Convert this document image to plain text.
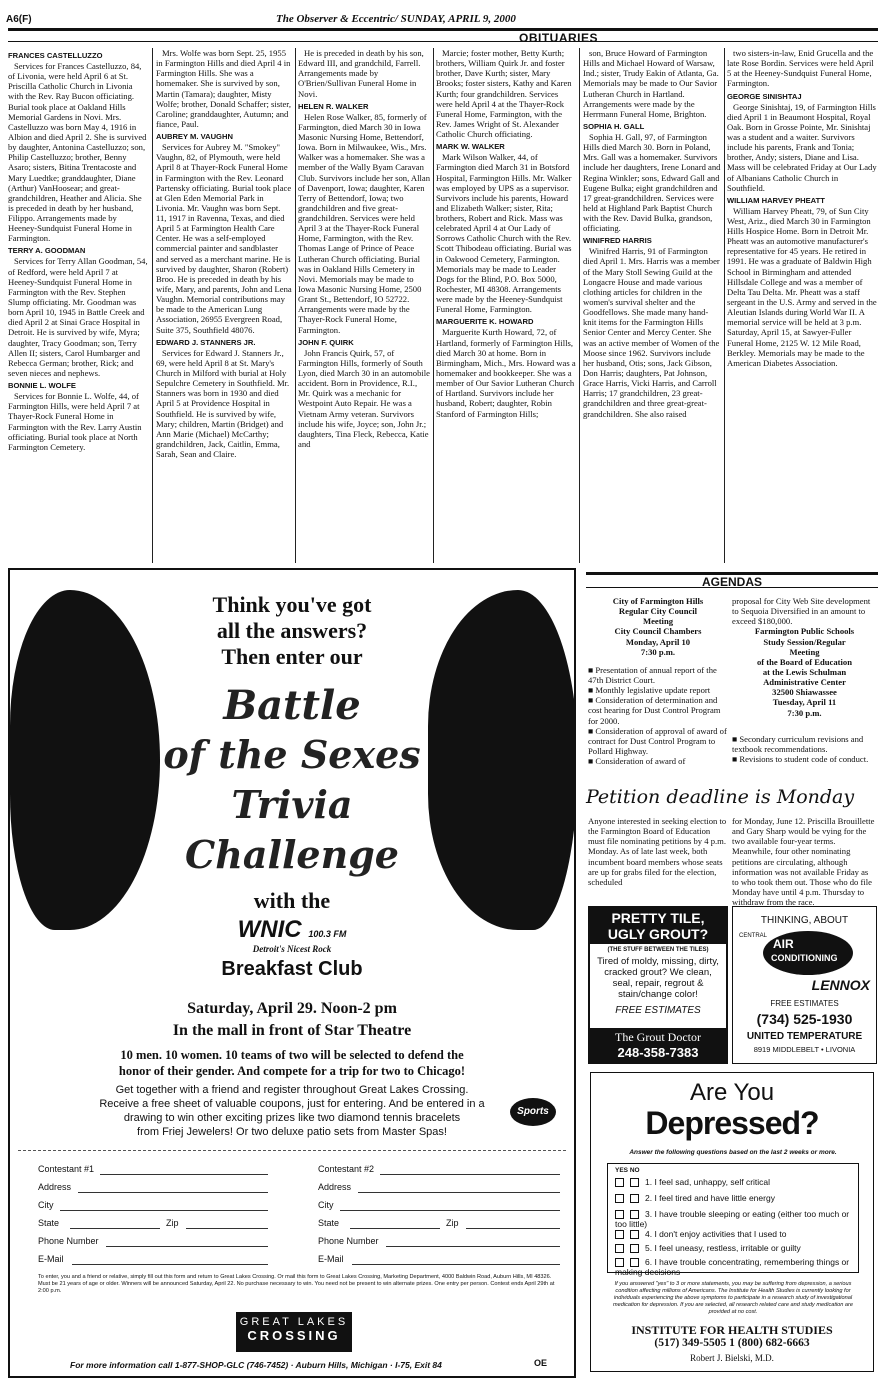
A6(F)	The Observer & Eccentric/ SUNDAY, APRIL 9, 2000
OBITUARIES
FRANCES CASTELLUZZO

Services for Frances Castelluzzo, 84, of Livonia, were held April 6 at St. Priscilla Catholic Church in Livonia with the Rev. Ray Bucon officiating. Burial took place at Oakland Hills Memorial Gardens in Novi. Mrs. Castelluzzo was born May 4, 1916 in Albion and died April 2. She is survived by daughter, Antonina Castelluzzo; son, Philip Castelluzzo; brother, Benny Asaro; sisters, Bitina Trentacoste and Mary Luedtke; granddaughter, Diane (Arthur) VanHoosear; and great-grandchildren, Heather and Alicia. She is preceded in death by her husband, Filippo. Arrangements made by Heeney-Sundquist Funeral Home in Farmington.

TERRY A. GOODMAN

Services for Terry Allan Goodman, 54, of Redford, were held April 7 at Heeney-Sundquist Funeral Home in Farmington with the Rev. Stephen Slump officiating. Mr. Goodman was born April 10, 1945 in Battle Creek and died April 2 at Sinai Grace Hospital in Detroit. He is survived by wife, Myra; daughter, Tracy Goodman; son, Terry Allen II; sisters, Carol Humbarger and Rebecca German; brother, Rick; and seven nieces and nephews.

BONNIE L. WOLFE

Services for Bonnie L. Wolfe, 44, of Farmington Hills, were held April 7 at Thayer-Rock Funeral Home in Farmington with the Rev. Larry Austin officiating. Burial took place at North Farmington Cemetery.

Mrs. Wolfe was born Sept. 25, 1955 in Farmington Hills and died April 4 in Farmington Hills. She was a homemaker. She is survived by son, Martin (Tamara); daughter, Misty Wolfe; brother, Donald Schaffer; sister, Caroline; granddaughter, Autumn; and fiance, Paul.

AUBREY M. VAUGHN

Services for Aubrey M. "Smokey" Vaughn, 82, of Plymouth, were held April 8 at Thayer-Rock Funeral Home in Farmington with the Rev. Leonard Partensky officiating. Burial took place at Glen Eden Memorial Park in Livonia. Mr. Vaughn was born Sept. 11, 1917 in Ravenna, Texas, and died April 5 at Farmington Health Care Center. He was a self-employed commercial painter and sandblaster and served as a merchant marine. He is survived by daughter, Sharon (Robert) Broo. He is preceded in death by his wife, Mary, and parents, John and Lena Vaughn. Memorial contributions may be made to the American Lung Association, 26955 Evergreen Road, Suite 375, Southfield 48076.

EDWARD J. STANNERS JR.

Services for Edward J. Stanners Jr., 69, were held April 8 at St. Mary's Church in Milford with burial at Holy Sepulchre Cemetery in Southfield. Mr. Stanners was born in 1930 and died April 5 at Providence Hospital in Southfield. He is survived by wife, Mary; children, Martin (Bridget) and Ann Marie (Michael) McCarthy; grandchildren, Jack, Caitlin, Emma, Sarah, Sean and Claire.

He is preceded in death by his son, Edward III, and grandchild, Farrell. Arrangements made by O'Brien/Sullivan Funeral Home in Novi.

HELEN R. WALKER

Helen Rose Walker, 85, formerly of Farmington, died March 30 in Iowa Masonic Nursing Home, Bettendorf, Iowa. Born in Milwaukee, Wis., Mrs. Walker was a homemaker. She was a member of the Wally Byam Caravan Club. Survivors include her son, Allan of Davenport, Iowa; daughter, Karen Terry of Bettendorf, Iowa; two grandchildren and five great-grandchildren. Services were held April 3 at the Thayer-Rock Funeral Home, Farmington, with the Rev. Thomas Lange of Prince of Peace Lutheran Church officiating. Burial was in Oakland Hills Cemetery in Novi. Memorials may be made to Iowa Masonic Nursing Home, 2500 Grant St., Bettendorf, IO 52722. Arrangements were made by the Thayer-Rock Funeral Home, Farmington.

JOHN F. QUIRK

John Francis Quirk, 57, of Farmington Hills, formerly of South Lyon, died March 30 in an automobile accident. Born in Providence, R.I., Mr. Quirk was a mechanic for Westpoint Auto Repair. He was a Vietnam Army veteran. Survivors include his wife, Joyce; son, John Jr.; daughters, Tina Fleck, Rebecca, Katie and

Marcie; foster mother, Betty Kurth; brothers, William Quirk Jr. and foster brother, Dave Kurth; sister, Mary Brooks; foster sisters, Kathy and Karen Kurth; four grandchildren. Services were held April 4 at the Thayer-Rock Funeral Home, Farmington, with the Rev. James Wright of St. Alexander Catholic Church officiating.

MARK W. WALKER

Mark Wilson Walker, 44, of Farmington died March 31 in Botsford Hospital, Farmington Hills. Mr. Walker was employed by UPS as a supervisor. Survivors include his parents, Howard and Elizabeth Walker; sister, Rita; brothers, Robert and Rick. Mass was celebrated April 4 at Our Lady of Sorrows Catholic Church with the Rev. Scott Thibodeau officiating. Burial was in Oakwood Cemetery, Farmington. Memorials may be made to Leader Dogs for the Blind, P.O. Box 5000, Rochester, MI 48308. Arrangements were made by the Heeney-Sundquist Funeral Home, Farmington.

MARGUERITE K. HOWARD

Marguerite Kurth Howard, 72, of Hartland, formerly of Farmington Hills, died March 30 at home. Born in Birmingham, Mich., Mrs. Howard was a homemaker and bookkeeper. She was a member of Our Savior Lutheran Church of Hartland. Survivors include her husband, Robert; daughter, Robin Stanford of Farmington Hills;

son, Bruce Howard of Farmington Hills and Michael Howard of Warsaw, Ind.; sister, Trudy Eakin of Atlanta, Ga. Memorials may be made to Our Savior Lutheran Church in Hartland. Arrangements were made by the Herrmann Funeral Home, Brighton.

SOPHIA H. GALL

Sophia H. Gall, 97, of Farmington Hills died March 30. Born in Poland, Mrs. Gall was a homemaker. Survivors include her daughters, Irene Lonard and Regina Winkler; sons, Edward Gall and Eugene Bulka; eight grandchildren and 17 great-grandchildren. Services were held at Highland Park Baptist Church with the Rev. David Bulka, grandson, officiating.

WINIFRED HARRIS

Winifred Harris, 91 of Farmington died April 1. Mrs. Harris was a member of the Mary Stoll Sewing Guild at the Longacre House and made various clothing articles for children in the women's survival shelter and the Goodfellows. She made many hand-knit items for the Farmington Hills Senior Center and Mercy Center. She was an active member of Women of the Moose since 1962. Survivors include her husband, Otis; sons, Jack Gibson, Don Harris; daughters, Pat Johnson, Grace Harris, Vicki Harris, and Carroll Harris; 17 grandchildren, 23 great-grandchildren and three great-great-grandchildren. She also raised

two sisters-in-law, Enid Grucella and the late Rose Bordin. Services were held April 5 at the Heeney-Sundquist Funeral Home, Farmington.

GEORGE SINISHTAJ

George Sinishtaj, 19, of Farmington Hills died April 1 in Beaumont Hospital, Royal Oak. Born in Grosse Pointe, Mr. Sinishtaj was a student and a waiter. Survivors include his parents, Frank and Tonia; brother, Andy; sisters, Diane and Lisa. Mass will be celebrated Friday at Our Lady of Albanians Catholic Church in Southfield.

WILLIAM HARVEY PHEATT

William Harvey Pheatt, 79, of Sun City West, Ariz., died March 30 in Farmington Hills Hospice Home. Born in Detroit Mr. Pheatt was an automotive manufacturer's representative for 45 years. He retired in 1991. He was a graduate of Baldwin High School in Birmingham and attended Hillsdale College and was a member of Delta Tau Delta. Mr. Pheatt was a staff sergeant in the U.S. Army and served in the Aleutian Islands during World War II. A memorial service will be held at 3 p.m. Saturday, April 15, at Sawyer-Fuller Funeral Home, 2125 W. 12 Mile Road, Berkley. Memorials may be made to the American Diabetes Association.

Think you've got
all the answers?
Then enter our
Battle
of the Sexes
Trivia
Challenge
with the
WNIC 100.3 FM
Detroit's Nicest Rock
Breakfast Club
Saturday, April 29. Noon-2 pm
In the mall in front of Star Theatre
10 men. 10 women. 10 teams of two will be selected to defend the
honor of their gender. And compete for a trip for two to Chicago!
Get together with a friend and register throughout Great Lakes Crossing.
Receive a free sheet of valuable coupons, just for entering. And be entered in a
drawing to win other exciting prizes like two diamond tennis bracelets
from Friej Jewelers! Or two deluxe patio sets from Master Spas!
Sports
Contestant #1
Address
City
State	Zip
Phone Number
E-Mail
Contestant #2
Address
City
State	Zip
Phone Number
E-Mail
To enter, you and a friend or relative, simply fill out this form and return to Great Lakes Crossing. Or mail this form to Great Lakes Crossing, Marketing Department, 4000 Baldwin Road, Auburn Hills, MI 48326. Must be 21 years of age or older. Winners will be announced Saturday, April 22. No purchase necessary to win. You need not be present to win alternate prizes. One entry per person. Contest ends April 29th at 2:00 p.m.
GREAT LAKES
CROSSING
For more information call 1-877-SHOP-GLC (746-7452) · Auburn Hills, Michigan · I-75, Exit 84	OE
AGENDAS
City of Farmington Hills
Regular City Council
Meeting
City Council Chambers
Monday, April 10
7:30 p.m.

■ Presentation of annual report of the 47th District Court.

■ Monthly legislative update report

■ Consideration of determination and cost hearing for Dust Control Program for 2000.

■ Consideration of approval of award of contract for Dust Control Program to Pollard Highway.

■ Consideration of award of

proposal for City Web Site development to Sequoia Diversified in an amount to exceed $180,000.

Farmington Public Schools
Study Session/Regular
Meeting
of the Board of Education
at the Lewis Schulman
Administrative Center
32500 Shiawassee
Tuesday, April 11
7:30 p.m.

■ Secondary curriculum revisions and textbook recommendations.

■ Revisions to student code of conduct.

Petition deadline is Monday
Anyone interested in seeking election to the Farmington Board of Education must file nominating petitions by 4 p.m. Monday. As of late last week, both incumbent board members whose seats are up for grabs filed for the election, scheduled
for Monday, June 12. Priscilla Brouillette and Gary Sharp would be vying for the two available four-year terms. Meanwhile, four other nominating petitions are circulating, although information was not available Friday as to who took them out. Those who do file Monday have until 4 p.m. Thursday to withdraw from the race.
PRETTY TILE,
UGLY GROUT?
(THE STUFF BETWEEN THE TILES)
Tired of moldy, missing, dirty, cracked grout? We clean, seal, repair, regrout & stain/change color!
FREE ESTIMATES
The Grout Doctor
248-358-7383
THINKING, ABOUT
CENTRAL
AIR
CONDITIONING
LENNOX
FREE ESTIMATES
(734) 525-1930
UNITED TEMPERATURE
8919 MIDDLEBELT • LIVONIA
Are You
Depressed?
Answer the following questions based on the last 2 weeks or more.
YES NO
1. I feel sad, unhappy, self critical
2. I feel tired and have little energy
3. I have trouble sleeping or eating (either too much or too little)
4. I don't enjoy activities that I used to
5. I feel uneasy, restless, irritable or guilty
6. I have trouble concentrating, remembering things or making decisions
If you answered "yes" to 3 or more statements, you may be suffering from depression, a serious condition affecting millions of Americans. The Institute for Health Studies is currently looking for individuals experiencing the above symptoms to participate in a research study of investigational medication for depression. If you are selected, all research related care and study medication are provided at no cost.
INSTITUTE FOR HEALTH STUDIES
(517) 349-5505 1 (800) 682-6663
Robert J. Bielski, M.D.
